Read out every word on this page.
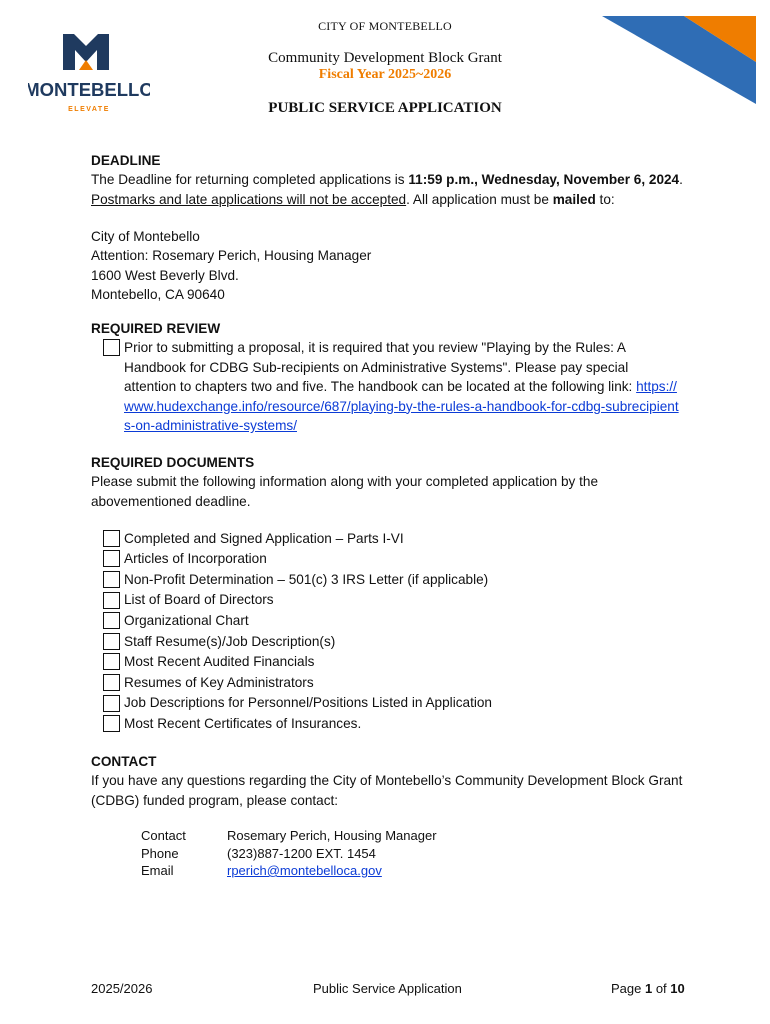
MONTEBELLO
ELEVATE
CITY OF MONTEBELLO
Community Development Block Grant
Fiscal Year 2025~2026
PUBLIC SERVICE APPLICATION
DEADLINE
The Deadline for returning completed applications is 11:59 p.m., Wednesday, November 6, 2024. Postmarks and late applications will not be accepted. All application must be mailed to:
City of Montebello
Attention: Rosemary Perich, Housing Manager
1600 West Beverly Blvd.
Montebello, CA 90640
REQUIRED REVIEW
Prior to submitting a proposal, it is required that you review "Playing by the Rules: A Handbook for CDBG Sub-recipients on Administrative Systems". Please pay special attention to chapters two and five. The handbook can be located at the following link: https://www.hudexchange.info/resource/687/playing-by-the-rules-a-handbook-for-cdbg-subrecipients-on-administrative-systems/
REQUIRED DOCUMENTS
Please submit the following information along with your completed application by the abovementioned deadline.
Completed and Signed Application – Parts I-VI
Articles of Incorporation
Non-Profit Determination – 501(c) 3 IRS Letter (if applicable)
List of Board of Directors
Organizational Chart
Staff Resume(s)/Job Description(s)
Most Recent Audited Financials
Resumes of Key Administrators
Job Descriptions for Personnel/Positions Listed in Application
Most Recent Certificates of Insurances.
CONTACT
If you have any questions regarding the City of Montebello’s Community Development Block Grant (CDBG) funded program, please contact:
Contact	Rosemary Perich, Housing Manager
Phone	(323)887-1200 EXT. 1454
Email	rperich@montebelloca.gov
2025/2026	Public Service Application	Page 1 of 10
